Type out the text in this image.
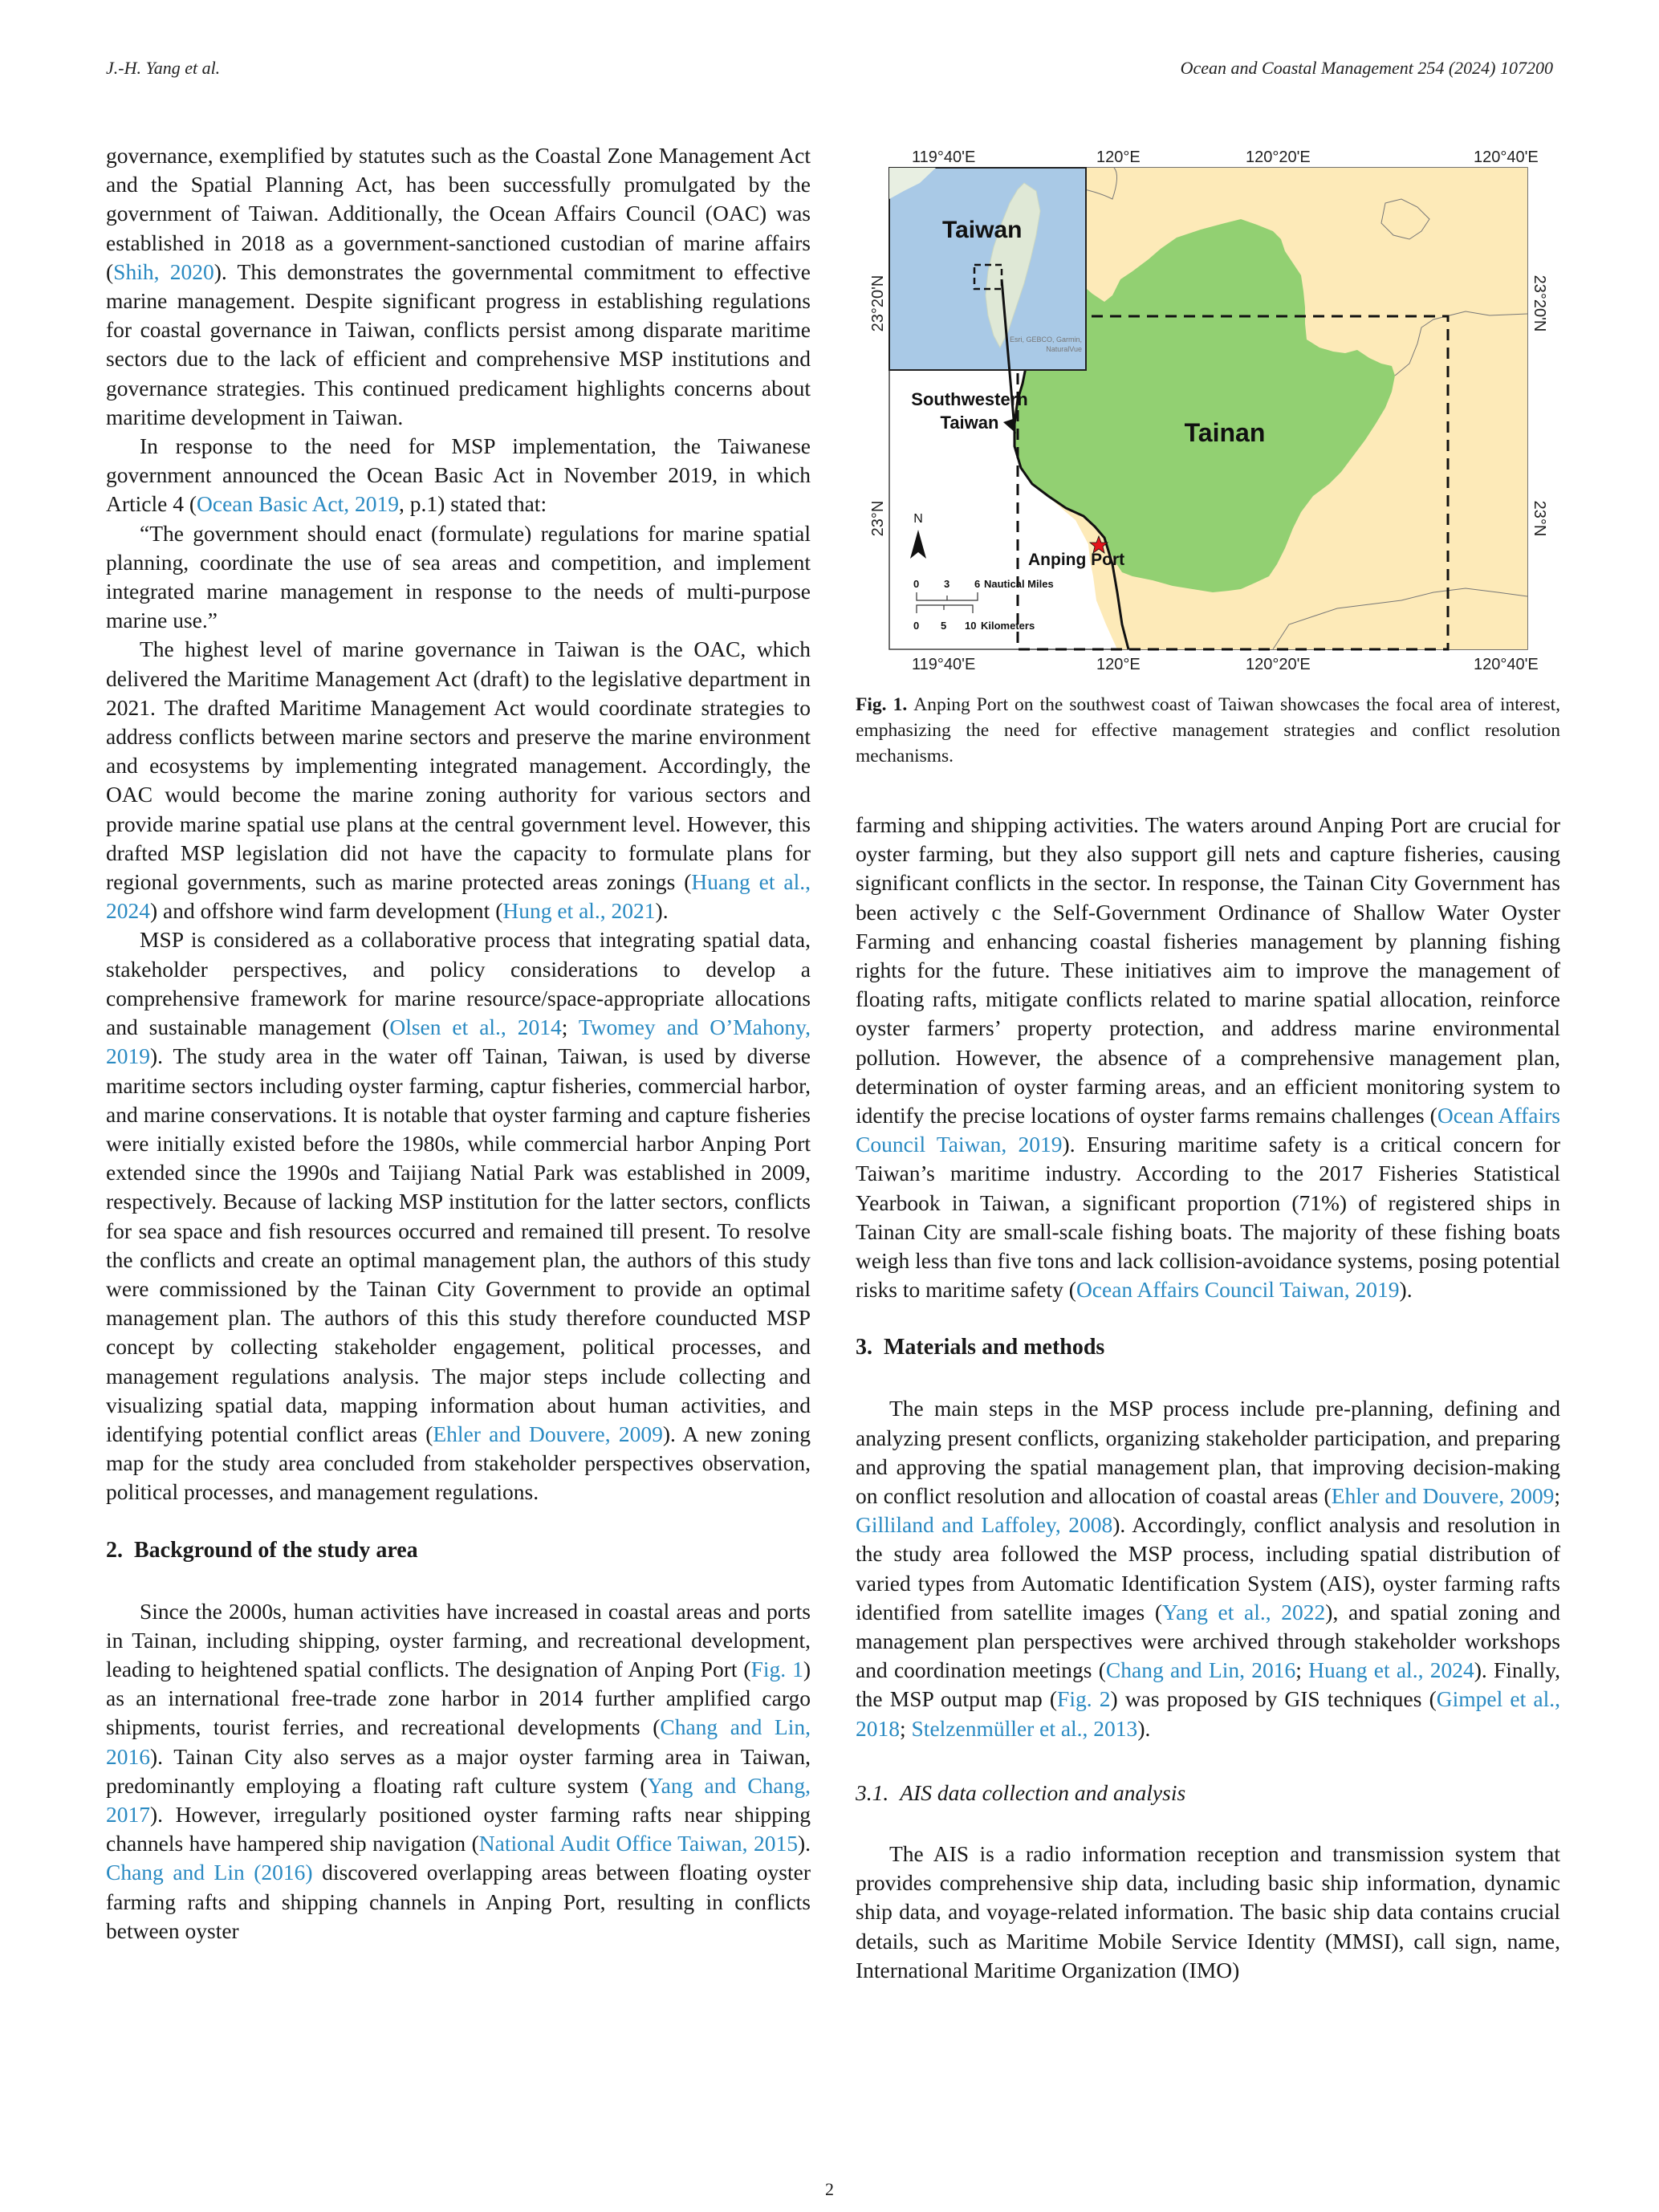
J.-H. Yang et al.	Ocean and Coastal Management 254 (2024) 107200

governance, exemplified by statutes such as the Coastal Zone Management Act and the Spatial Planning Act, has been successfully promulgated by the government of Taiwan. Additionally, the Ocean Affairs Council (OAC) was established in 2018 as a government-sanctioned custodian of marine affairs (Shih, 2020). This demonstrates the governmental commitment to effective marine management. Despite significant progress in establishing regulations for coastal governance in Taiwan, conflicts persist among disparate maritime sectors due to the lack of efficient and comprehensive MSP institutions and governance strategies. This continued predicament highlights concerns about maritime development in Taiwan.

In response to the need for MSP implementation, the Taiwanese government announced the Ocean Basic Act in November 2019, in which Article 4 (Ocean Basic Act, 2019, p.1) stated that:

“The government should enact (formulate) regulations for marine spatial planning, coordinate the use of sea areas and competition, and implement integrated marine management in response to the needs of multi-purpose marine use.”

The highest level of marine governance in Taiwan is the OAC, which delivered the Maritime Management Act (draft) to the legislative department in 2021. The drafted Maritime Management Act would coordinate strategies to address conflicts between marine sectors and preserve the marine environment and ecosystems by implementing integrated management. Accordingly, the OAC would become the marine zoning authority for various sectors and provide marine spatial use plans at the central government level. However, this drafted MSP legislation did not have the capacity to formulate plans for regional governments, such as marine protected areas zonings (Huang et al., 2024) and offshore wind farm development (Hung et al., 2021).

MSP is considered as a collaborative process that integrating spatial data, stakeholder perspectives, and policy considerations to develop a comprehensive framework for marine resource/space-appropriate allocations and sustainable management (Olsen et al., 2014; Twomey and O’Mahony, 2019). The study area in the water off Tainan, Taiwan, is used by diverse maritime sectors including oyster farming, captur fisheries, commercial harbor, and marine conservations. It is notable that oyster farming and capture fisheries were initially existed before the 1980s, while commercial harbor Anping Port extended since the 1990s and Taijiang Natial Park was established in 2009, respectively. Because of lacking MSP institution for the latter sectors, conflicts for sea space and fish resources occurred and remained till present. To resolve the conflicts and create an optimal management plan, the authors of this study were commissioned by the Tainan City Government to provide an optimal management plan. The authors of this this study therefore counducted MSP concept by collecting stakeholder engagement, political processes, and management regulations analysis. The major steps include collecting and visualizing spatial data, mapping information about human activities, and identifying potential conflict areas (Ehler and Douvere, 2009). A new zoning map for the study area concluded from stakeholder perspectives observation, political processes, and management regulations.

2. Background of the study area

Since the 2000s, human activities have increased in coastal areas and ports in Tainan, including shipping, oyster farming, and recreational development, leading to heightened spatial conflicts. The designation of Anping Port (Fig. 1) as an international free-trade zone harbor in 2014 further amplified cargo shipments, tourist ferries, and recreational developments (Chang and Lin, 2016). Tainan City also serves as a major oyster farming area in Taiwan, predominantly employing a floating raft culture system (Yang and Chang, 2017). However, irregularly positioned oyster farming rafts near shipping channels have hampered ship navigation (National Audit Office Taiwan, 2015). Chang and Lin (2016) discovered overlapping areas between floating oyster farming rafts and shipping channels in Anping Port, resulting in conflicts between oyster

Taiwan
Esri, GEBCO, Garmin,
NaturalVue
Southwestern
Taiwan	Tainan
Anping Port
N
0 3 6 Nautical Miles
0 5 10 Kilometers
119°40'E	120°E	120°20'E	120°40'E
119°40'E	120°E	120°20'E	120°40'E
23°20'N
23°N
23°20'N
23°N
Fig. 1. Anping Port on the southwest coast of Taiwan showcases the focal area of interest, emphasizing the need for effective management strategies and conflict resolution mechanisms.

farming and shipping activities. The waters around Anping Port are crucial for oyster farming, but they also support gill nets and capture fisheries, causing significant conflicts in the sector. In response, the Tainan City Government has been actively c the Self-Government Ordinance of Shallow Water Oyster Farming and enhancing coastal fisheries management by planning fishing rights for the future. These initiatives aim to improve the management of floating rafts, mitigate conflicts related to marine spatial allocation, reinforce oyster farmers’ property protection, and address marine environmental pollution. However, the absence of a comprehensive management plan, determination of oyster farming areas, and an efficient monitoring system to identify the precise locations of oyster farms remains challenges (Ocean Affairs Council Taiwan, 2019). Ensuring maritime safety is a critical concern for Taiwan’s maritime industry. According to the 2017 Fisheries Statistical Yearbook in Taiwan, a significant proportion (71%) of registered ships in Tainan City are small-scale fishing boats. The majority of these fishing boats weigh less than five tons and lack collision-avoidance systems, posing potential risks to maritime safety (Ocean Affairs Council Taiwan, 2019).

3. Materials and methods

The main steps in the MSP process include pre-planning, defining and analyzing present conflicts, organizing stakeholder participation, and preparing and approving the spatial management plan, that improving decision-making on conflict resolution and allocation of coastal areas (Ehler and Douvere, 2009; Gilliland and Laffoley, 2008). Accordingly, conflict analysis and resolution in the study area followed the MSP process, including spatial distribution of varied types from Automatic Identification System (AIS), oyster farming rafts identified from satellite images (Yang et al., 2022), and spatial zoning and management plan perspectives were archived through stakeholder workshops and coordination meetings (Chang and Lin, 2016; Huang et al., 2024). Finally, the MSP output map (Fig. 2) was proposed by GIS techniques (Gimpel et al., 2018; Stelzenmüller et al., 2013).

3.1. AIS data collection and analysis

The AIS is a radio information reception and transmission system that provides comprehensive ship data, including basic ship information, dynamic ship data, and voyage-related information. The basic ship data contains crucial details, such as Maritime Mobile Service Identity (MMSI), call sign, name, International Maritime Organization (IMO)

2
